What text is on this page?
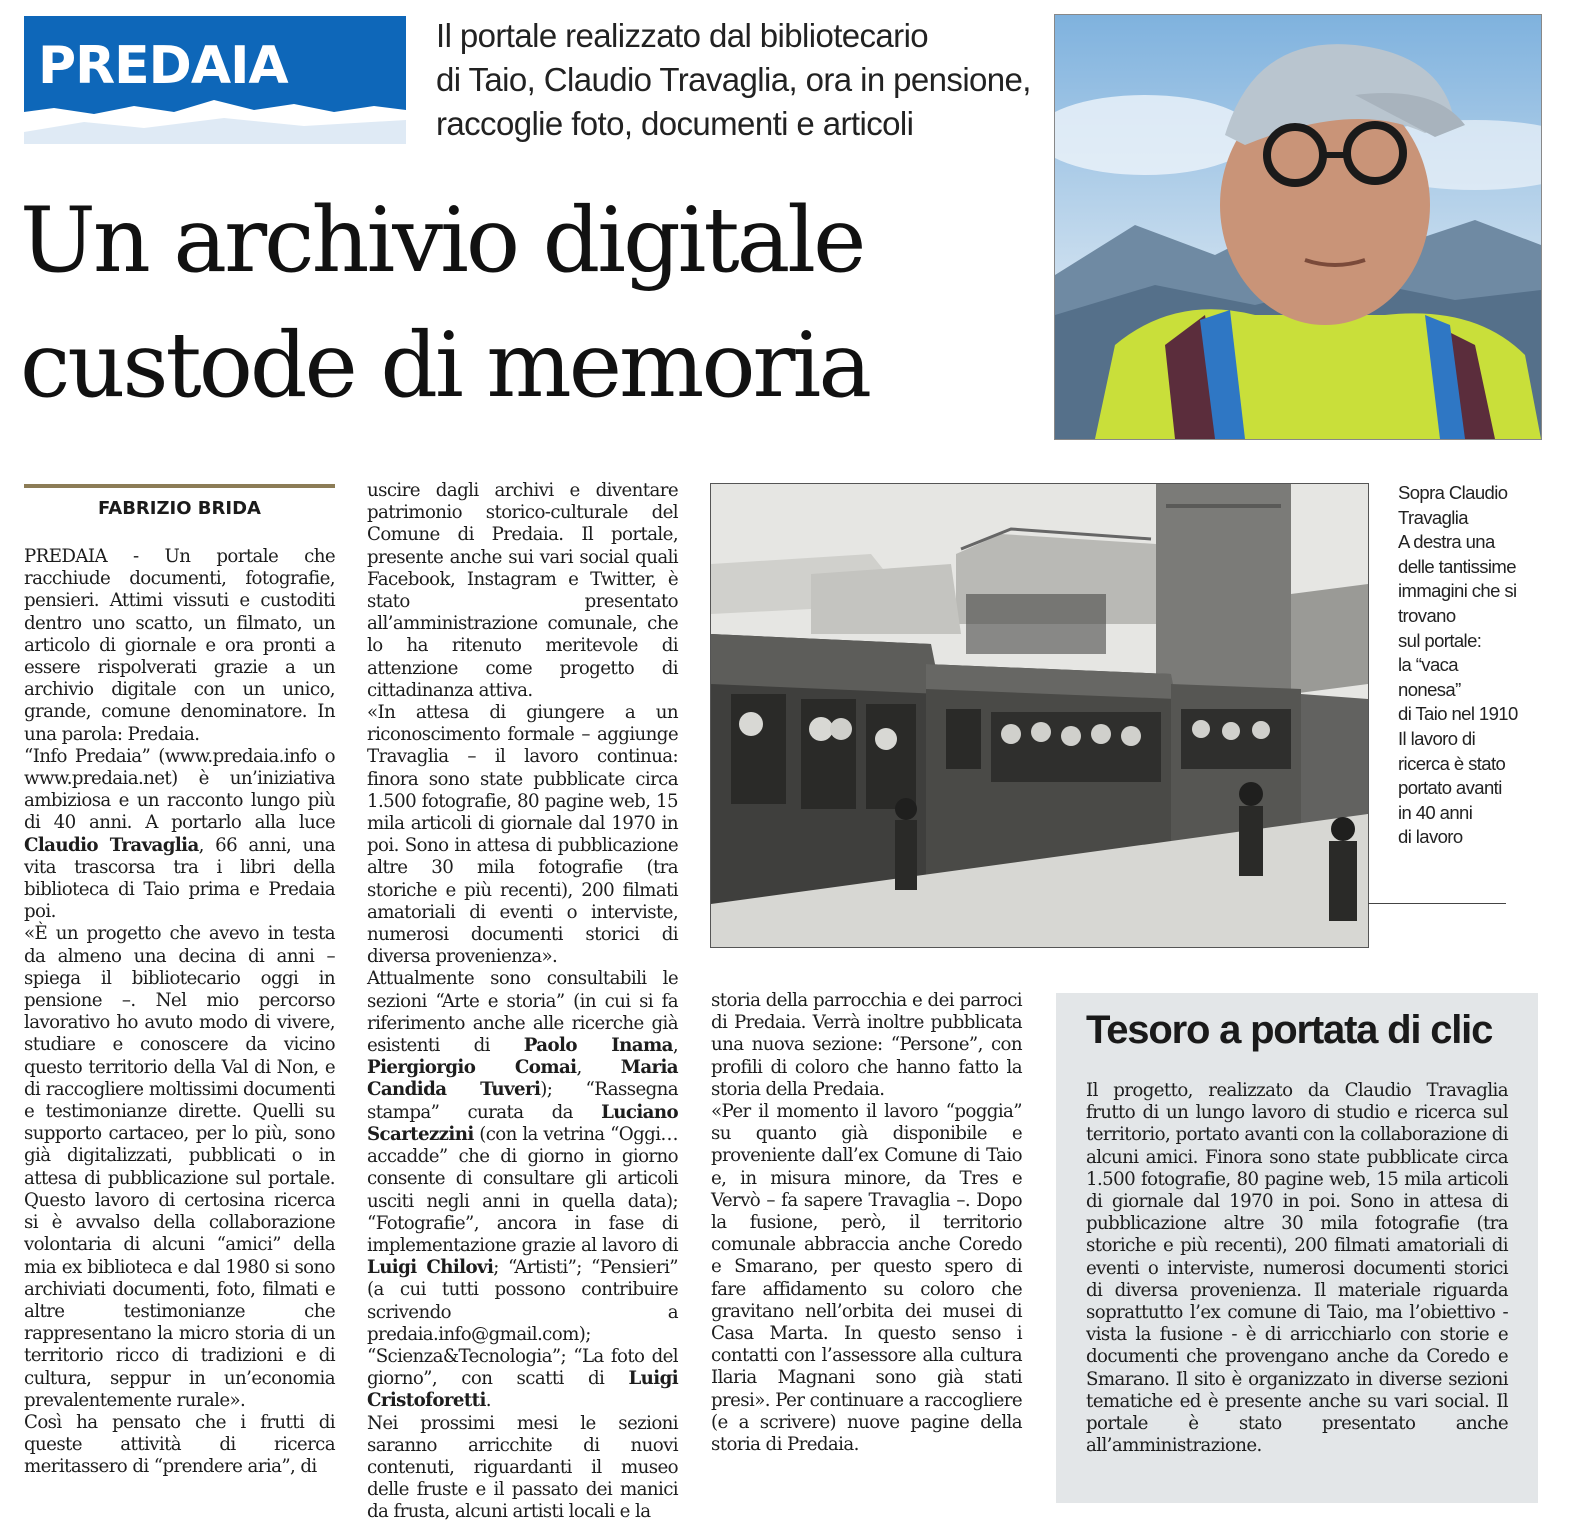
PREDAIA
Il portale realizzato dal bibliotecario
di Taio, Claudio Travaglia, ora in pensione,
raccoglie foto, documenti e articoli
Un archivio digitale
custode di memoria
FABRIZIO BRIDA

PREDAIA - Un portale che racchiude documenti, fotografie, pensieri. Attimi vissuti e custoditi dentro uno scatto, un filmato, un articolo di giornale e ora pronti a essere rispolverati grazie a un archivio digitale con un unico, grande, comune denominatore. In una parola: Predaia.

“Info Predaia” (www.predaia.info o www.predaia.net) è un’iniziativa ambiziosa e un racconto lungo più di 40 anni. A portarlo alla luce Claudio Travaglia, 66 anni, una vita trascorsa tra i libri della biblioteca di Taio prima e Predaia poi.

«È un progetto che avevo in testa da almeno una decina di anni – spiega il bibliotecario oggi in pensione –. Nel mio percorso lavorativo ho avuto modo di vivere, studiare e conoscere da vicino questo territorio della Val di Non, e di raccogliere moltissimi documenti e testimonianze dirette. Quelli su supporto cartaceo, per lo più, sono già digitalizzati, pubblicati o in attesa di pubblicazione sul portale. Questo lavoro di certosina ricerca si è avvalso della collaborazione volontaria di alcuni “amici” della mia ex biblioteca e dal 1980 si sono archiviati documenti, foto, filmati e altre testimonianze che rappresentano la micro storia di un territorio ricco di tradizioni e di cultura, seppur in un’economia prevalentemente rurale».

Così ha pensato che i frutti di queste attività di ricerca meritassero di “prendere aria”, di

uscire dagli archivi e diventare patrimonio storico-culturale del Comune di Predaia. Il portale, presente anche sui vari social quali Facebook, Instagram e Twitter, è stato presentato all’amministrazione comunale, che lo ha ritenuto meritevole di attenzione come progetto di cittadinanza attiva.

«In attesa di giungere a un riconoscimento formale – aggiunge Travaglia – il lavoro continua: finora sono state pubblicate circa 1.500 fotografie, 80 pagine web, 15 mila articoli di giornale dal 1970 in poi. Sono in attesa di pubblicazione altre 30 mila fotografie (tra storiche e più recenti), 200 filmati amatoriali di eventi o interviste, numerosi documenti storici di diversa provenienza».

Attualmente sono consultabili le sezioni “Arte e storia” (in cui si fa riferimento anche alle ricerche già esistenti di Paolo Inama, Piergiorgio Comai, Maria Candida Tuveri); “Rassegna stampa” curata da Luciano Scartezzini (con la vetrina “Oggi… accadde” che di giorno in giorno consente di consultare gli articoli usciti negli anni in quella data); “Fotografie”, ancora in fase di implementazione grazie al lavoro di Luigi Chilovi; “Artisti”; “Pensieri” (a cui tutti possono contribuire scrivendo a predaia.info@gmail.com); “Scienza&Tecnologia”; “La foto del giorno”, con scatti di Luigi Cristoforetti.

Nei prossimi mesi le sezioni saranno arricchite di nuovi contenuti, riguardanti il museo delle fruste e il passato dei manici da frusta, alcuni artisti locali e la

Sopra Claudio
Travaglia
A destra una
delle tantissime
immagini che si
trovano
sul portale:
la “vaca
nonesa”
di Taio nel 1910
Il lavoro di
ricerca è stato
portato avanti
in 40 anni
di lavoro

storia della parrocchia e dei parroci di Predaia. Verrà inoltre pubblicata una nuova sezione: “Persone”, con profili di coloro che hanno fatto la storia della Predaia.

«Per il momento il lavoro “poggia” su quanto già disponibile e proveniente dall’ex Comune di Taio e, in misura minore, da Tres e Vervò – fa sapere Travaglia –. Dopo la fusione, però, il territorio comunale abbraccia anche Coredo e Smarano, per questo spero di fare affidamento su coloro che gravitano nell’orbita dei musei di Casa Marta. In questo senso i contatti con l’assessore alla cultura Ilaria Magnani sono già stati presi». Per continuare a raccogliere (e a scrivere) nuove pagine della storia di Predaia.

Tesoro a portata di clic
Il progetto, realizzato da Claudio Travaglia frutto di un lungo lavoro di studio e ricerca sul territorio, portato avanti con la collaborazione di alcuni amici. Finora sono state pubblicate circa 1.500 fotografie, 80 pagine web, 15 mila articoli di giornale dal 1970 in poi. Sono in attesa di pubblicazione altre 30 mila fotografie (tra storiche e più recenti), 200 filmati amatoriali di eventi o interviste, numerosi documenti storici di diversa provenienza. Il materiale riguarda soprattutto l’ex comune di Taio, ma l’obiettivo - vista la fusione - è di arricchiarlo con storie e documenti che provengano anche da Coredo e Smarano. Il sito è organizzato in diverse sezioni tematiche ed è presente anche su vari social. Il portale è stato presentato anche all’amministrazione.
